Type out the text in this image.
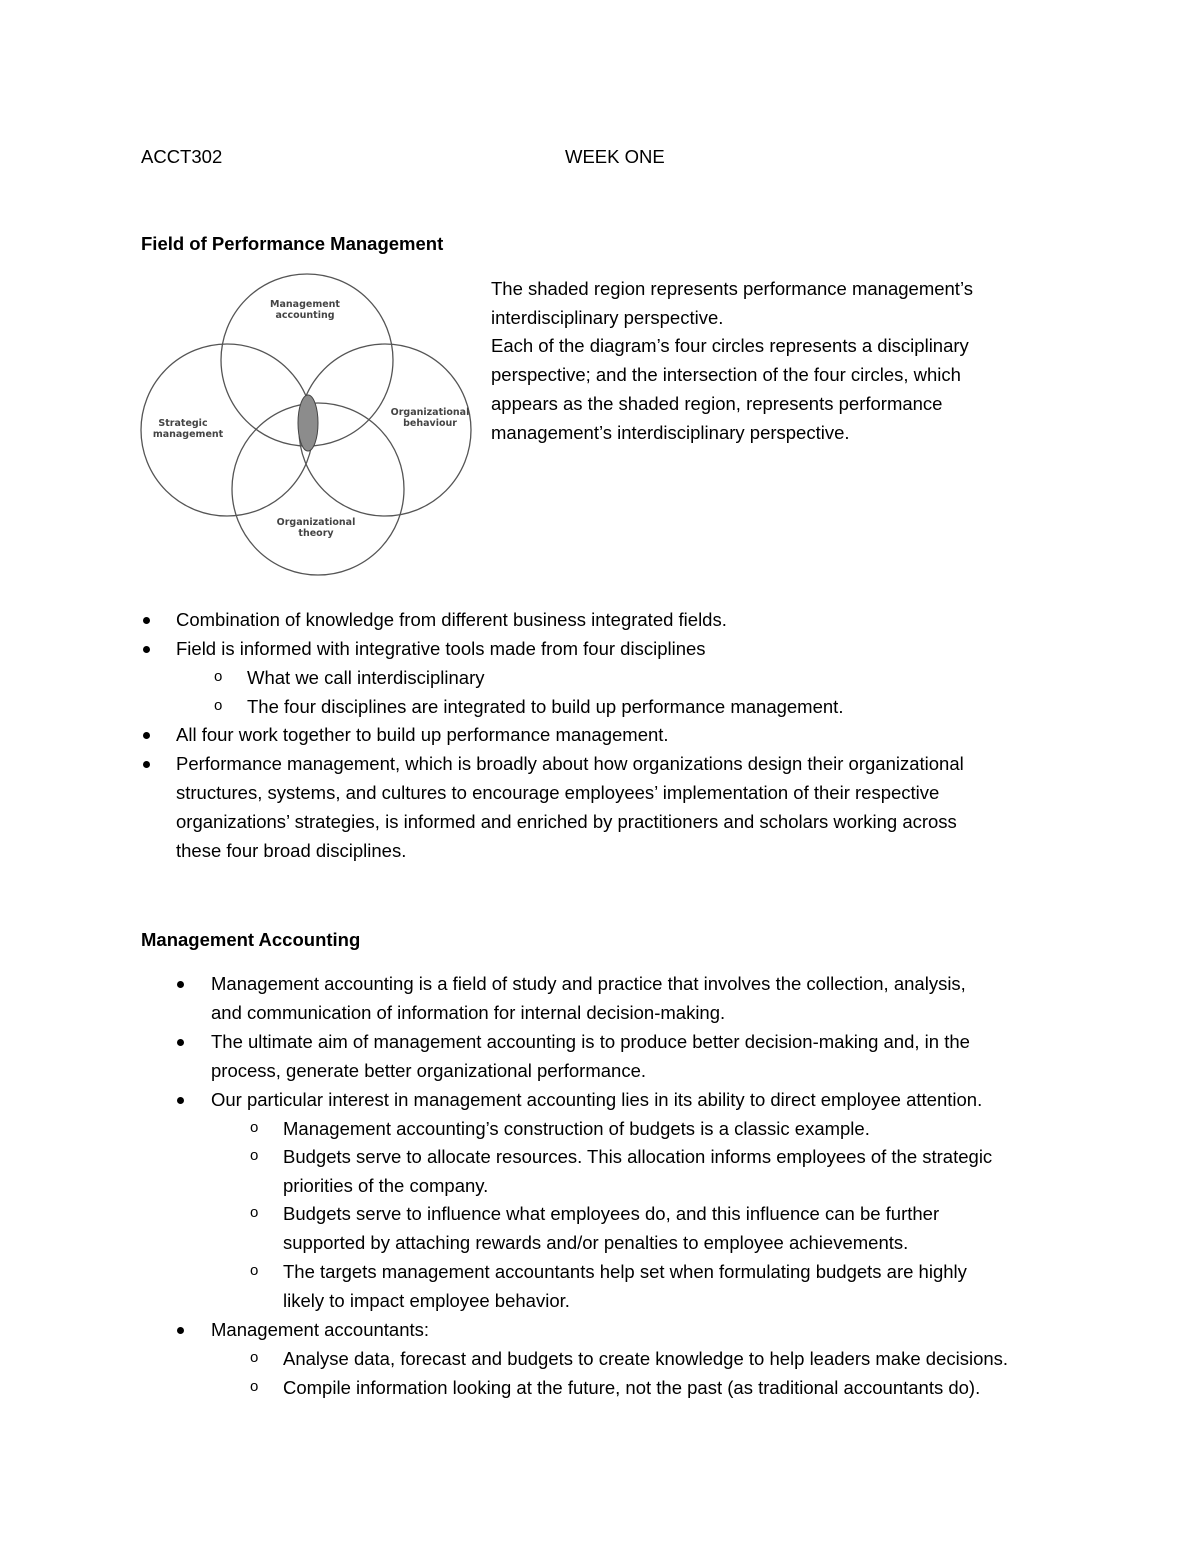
ACCT302	WEEK ONE
Field of Performance Management
Management
accounting
Organizational
behaviour
Strategic
management
Organizational
theory

The shaded region represents performance management’s

interdisciplinary perspective.

Each of the diagram’s four circles represents a disciplinary

perspective; and the intersection of the four circles, which

appears as the shaded region, represents performance

management’s interdisciplinary perspective.

Combination of knowledge from different business integrated fields.
Field is informed with integrative tools made from four disciplines
o What we call interdisciplinary
o The four disciplines are integrated to build up performance management.
All four work together to build up performance management.
Performance management, which is broadly about how organizations design their organizational
structures, systems, and cultures to encourage employees’ implementation of their respective
organizations’ strategies, is informed and enriched by practitioners and scholars working across
these four broad disciplines.
Management Accounting
Management accounting is a field of study and practice that involves the collection, analysis,
and communication of information for internal decision-making.
The ultimate aim of management accounting is to produce better decision-making and, in the
process, generate better organizational performance.
Our particular interest in management accounting lies in its ability to direct employee attention.
o Management accounting’s construction of budgets is a classic example.
o Budgets serve to allocate resources. This allocation informs employees of the strategic
priorities of the company.
o Budgets serve to influence what employees do, and this influence can be further
supported by attaching rewards and/or penalties to employee achievements.
o The targets management accountants help set when formulating budgets are highly
likely to impact employee behavior.
Management accountants:
o Analyse data, forecast and budgets to create knowledge to help leaders make decisions.
o Compile information looking at the future, not the past (as traditional accountants do).
